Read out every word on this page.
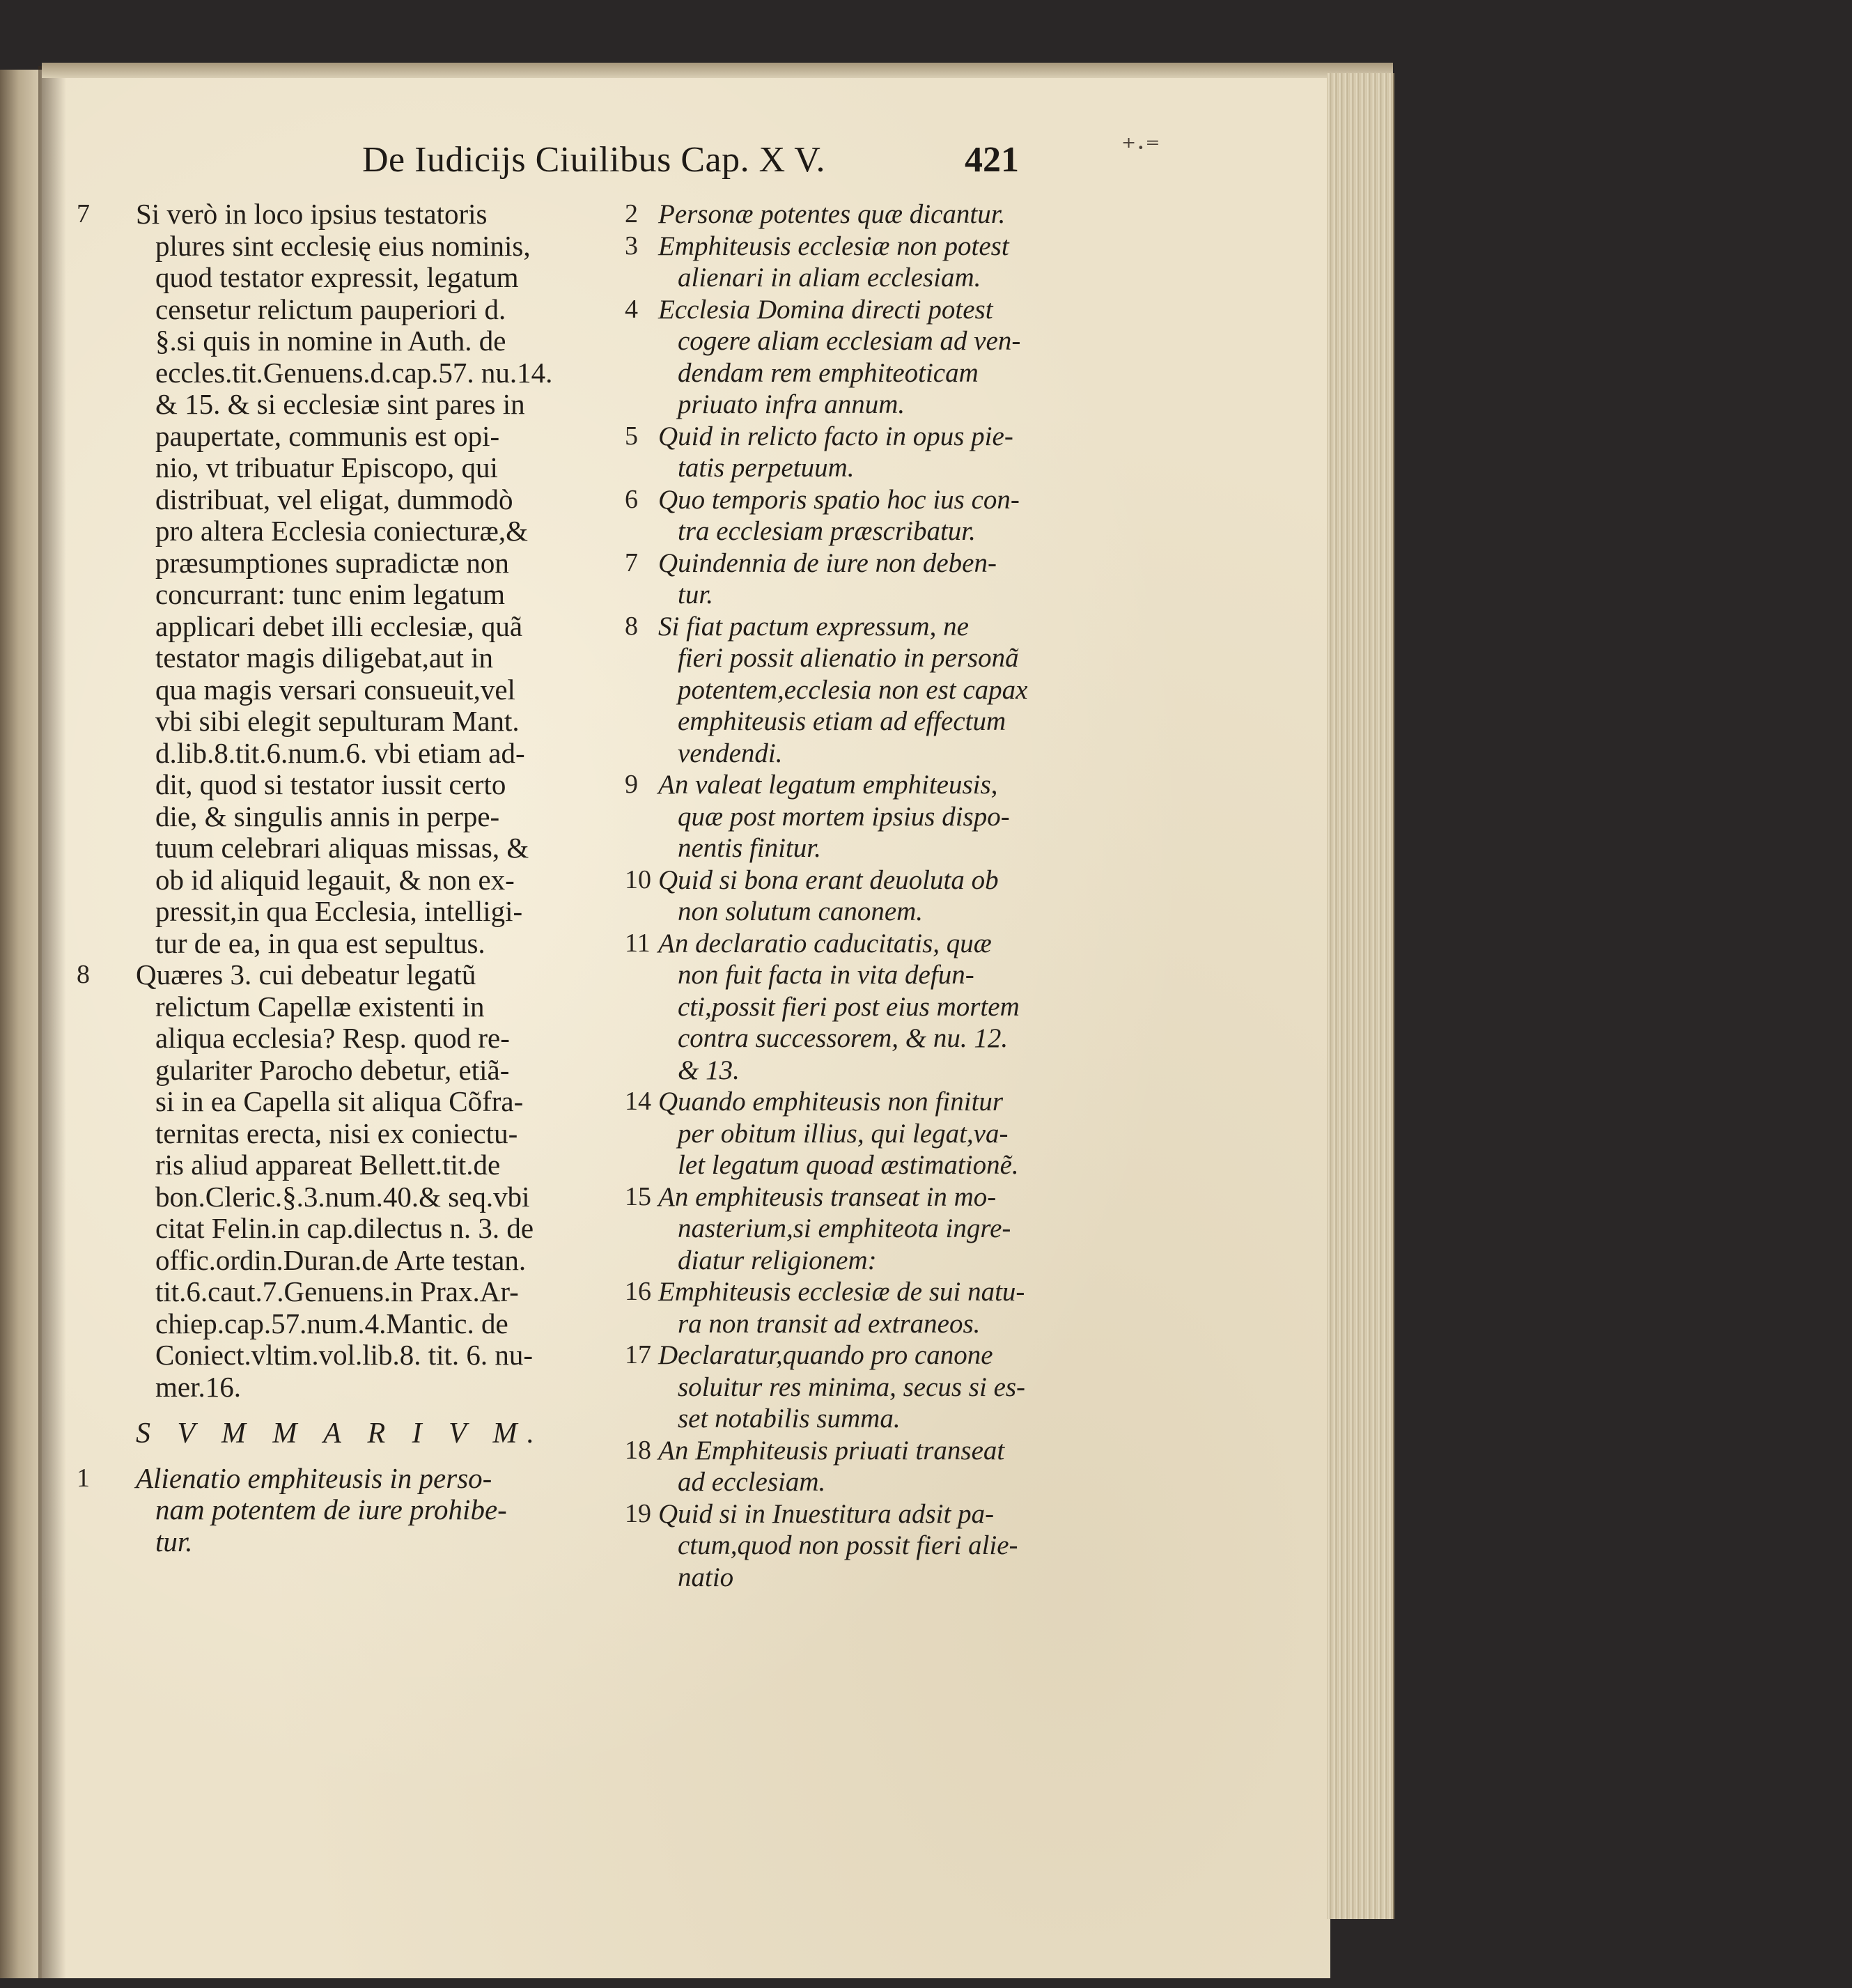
De Iudicijs Ciuilibus Cap. X V.	421	⁺·⁼
7 Si verò in loco ipsius testatoris
plures sint ecclesię eius nominis,
quod testator expressit, legatum
censetur relictum pauperiori d.
§.si quis in nomine in Auth. de
eccles.tit.Genuens.d.cap.57. nu.14.
& 15. & si ecclesiæ sint pares in
paupertate, communis est opi-
nio, vt tribuatur Episcopo, qui
distribuat, vel eligat, dummodò
pro altera Ecclesia coniecturæ,&
præsumptiones supradictæ non
concurrant: tunc enim legatum
applicari debet illi ecclesiæ, quã
testator magis diligebat,aut in
qua magis versari consueuit,vel
vbi sibi elegit sepulturam Mant.
d.lib.8.tit.6.num.6. vbi etiam ad-
dit, quod si testator iussit certo
die, & singulis annis in perpe-
tuum celebrari aliquas missas, &
ob id aliquid legauit, & non ex-
pressit,in qua Ecclesia, intelligi-
tur de ea, in qua est sepultus.
8 Quæres 3. cui debeatur legatũ
relictum Capellæ existenti in
aliqua ecclesia? Resp. quod re-
gulariter Parocho debetur, etiã-
si in ea Capella sit aliqua Cõfra-
ternitas erecta, nisi ex coniectu-
ris aliud appareat Bellett.tit.de
bon.Cleric.§.3.num.40.& seq.vbi
citat Felin.in cap.dilectus n. 3. de
offic.ordin.Duran.de Arte testan.
tit.6.caut.7.Genuens.in Prax.Ar-
chiep.cap.57.num.4.Mantic. de
Coniect.vltim.vol.lib.8. tit. 6. nu-
mer.16.
S V M M A R I V M.
1 Alienatio emphiteusis in perso-
nam potentem de iure prohibe-
tur.
2 Personæ potentes quæ dicantur.
3 Emphiteusis ecclesiæ non potest
alienari in aliam ecclesiam.
4 Ecclesia Domina directi potest
cogere aliam ecclesiam ad ven-
dendam rem emphiteoticam
priuato infra annum.
5 Quid in relicto facto in opus pie-
tatis perpetuum.
6 Quo temporis spatio hoc ius con-
tra ecclesiam præscribatur.
7 Quindennia de iure non deben-
tur.
8 Si fiat pactum expressum, ne
fieri possit alienatio in personã
potentem,ecclesia non est capax
emphiteusis etiam ad effectum
vendendi.
9 An valeat legatum emphiteusis,
quæ post mortem ipsius dispo-
nentis finitur.
10 Quid si bona erant deuoluta ob
non solutum canonem.
11 An declaratio caducitatis, quæ
non fuit facta in vita defun-
cti,possit fieri post eius mortem
contra successorem, & nu. 12.
& 13.
14 Quando emphiteusis non finitur
per obitum illius, qui legat,va-
let legatum quoad æstimationẽ.
15 An emphiteusis transeat in mo-
nasterium,si emphiteota ingre-
diatur religionem:
16 Emphiteusis ecclesiæ de sui natu-
ra non transit ad extraneos.
17 Declaratur,quando pro canone
soluitur res minima, secus si es-
set notabilis summa.
18 An Emphiteusis priuati transeat
ad ecclesiam.
19 Quid si in Inuestitura adsit pa-
ctum,quod non possit fieri alie-
natio
